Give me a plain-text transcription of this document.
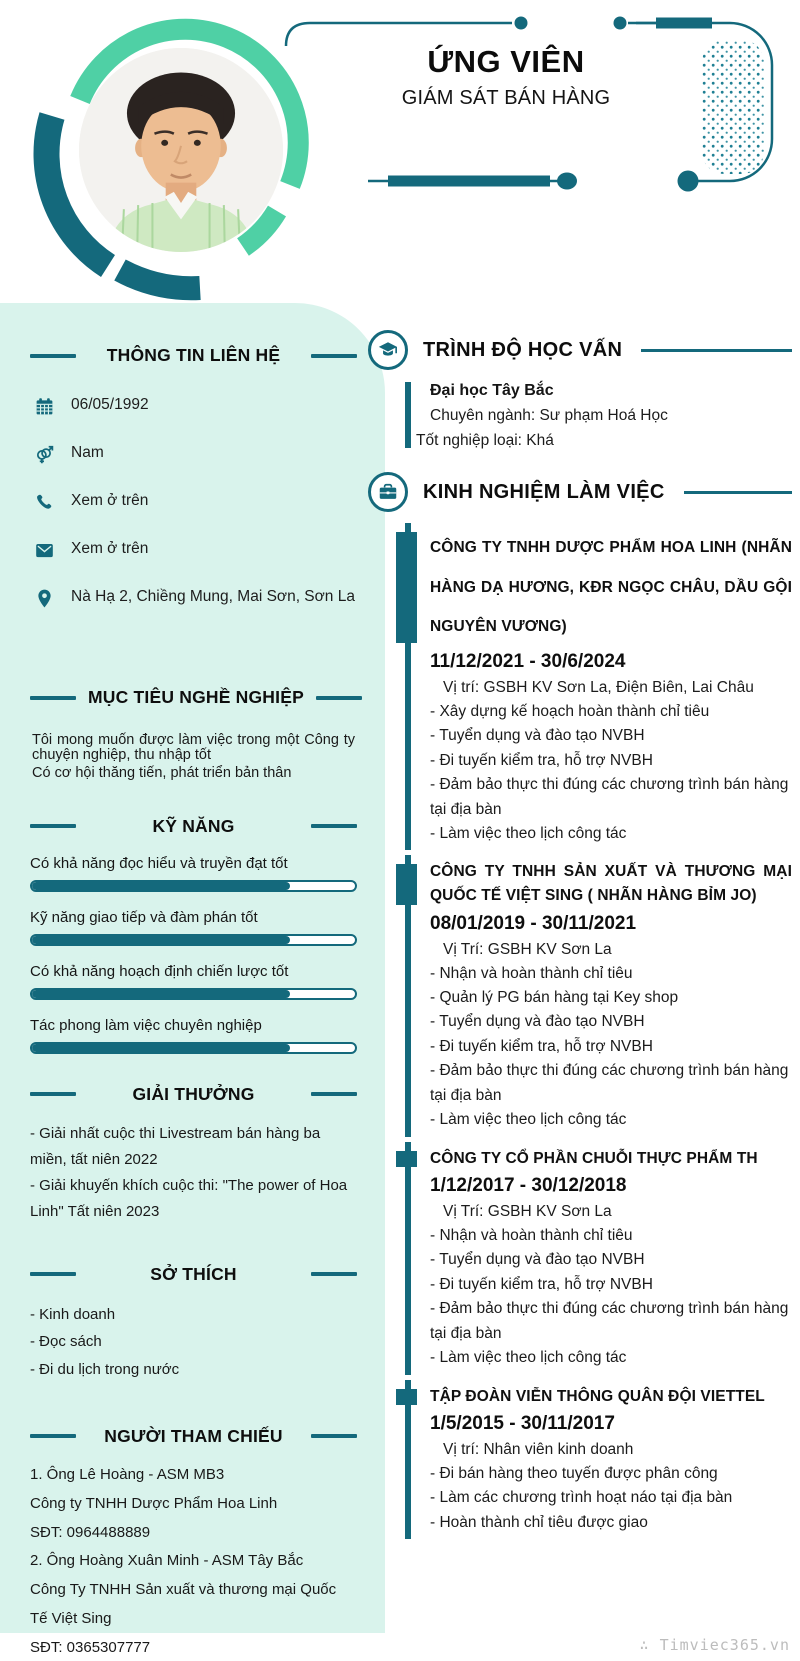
ỨNG VIÊN
GIÁM SÁT BÁN HÀNG
THÔNG TIN LIÊN HỆ
06/05/1992
Nam
Xem ở trên
Xem ở trên
Nà Hạ 2, Chiềng Mung, Mai Sơn, Sơn La
MỤC TIÊU NGHỀ NGHIỆP

Tôi mong muốn được làm việc trong một Công ty chuyện nghiệp, thu nhập tốt

Có cơ hội thăng tiến, phát triển bản thân

KỸ NĂNG
Có khả năng đọc hiểu và truyền đạt tốt
Kỹ năng giao tiếp và đàm phán tốt
Có khả năng hoạch định chiến lược tốt
Tác phong làm việc chuyên nghiệp
GIẢI THƯỞNG
- Giải nhất cuộc thi Livestream bán hàng ba miền, tất niên 2022
- Giải khuyến khích cuộc thi: "The power of Hoa Linh" Tất niên 2023
SỞ THÍCH
- Kinh doanh
- Đọc sách
- Đi du lịch trong nước
NGƯỜI THAM CHIẾU
1. Ông Lê Hoàng - ASM MB3
Công ty TNHH Dược Phẩm Hoa Linh
SĐT: 0964488889
2. Ông Hoàng Xuân Minh - ASM Tây Bắc
Công Ty TNHH Sản xuất và thương mại Quốc Tế Việt Sing
SĐT: 0365307777
TRÌNH ĐỘ HỌC VẤN
Đại học Tây Bắc
Chuyên ngành: Sư phạm Hoá Học
Tốt nghiệp loại: Khá
KINH NGHIỆM LÀM VIỆC
CÔNG TY TNHH DƯỢC PHẨM HOA LINH (NHÃN HÀNG DẠ HƯƠNG, KĐR NGỌC CHÂU, DẦU GỘI NGUYÊN VƯƠNG)
11/12/2021 - 30/6/2024
Vị trí: GSBH KV Sơn La, Điện Biên, Lai Châu
- Xây dựng kế hoạch hoàn thành chỉ tiêu
- Tuyển dụng và đào tạo NVBH
- Đi tuyến kiểm tra, hỗ trợ NVBH
- Đảm bảo thực thi đúng các chương trình bán hàng tại địa bàn
- Làm việc theo lịch công tác
CÔNG TY TNHH SẢN XUẤT VÀ THƯƠNG MẠI QUỐC TẾ VIỆT SING ( NHÃN HÀNG BỈM JO)
08/01/2019 - 30/11/2021
Vị Trí: GSBH KV Sơn La
- Nhận và hoàn thành chỉ tiêu
- Quản lý PG bán hàng tại Key shop
- Tuyển dụng và đào tạo NVBH
- Đi tuyến kiểm tra, hỗ trợ NVBH
- Đảm bảo thực thi đúng các chương trình bán hàng tại địa bàn
- Làm việc theo lịch công tác
CÔNG TY CỔ PHẦN CHUỖI THỰC PHẨM TH
1/12/2017 - 30/12/2018
Vị Trí: GSBH KV Sơn La
- Nhận và hoàn thành chỉ tiêu
- Tuyển dụng và đào tạo NVBH
- Đi tuyến kiểm tra, hỗ trợ NVBH
- Đảm bảo thực thi đúng các chương trình bán hàng tại địa bàn
- Làm việc theo lịch công tác
TẬP ĐOÀN VIỄN THÔNG QUÂN ĐỘI VIETTEL
1/5/2015 - 30/11/2017
Vị trí: Nhân viên kinh doanh
- Đi bán hàng theo tuyến được phân công
- Làm các chương trình hoạt náo tại địa bàn
- Hoàn thành chỉ tiêu được giao
∴ Timviec365.vn
